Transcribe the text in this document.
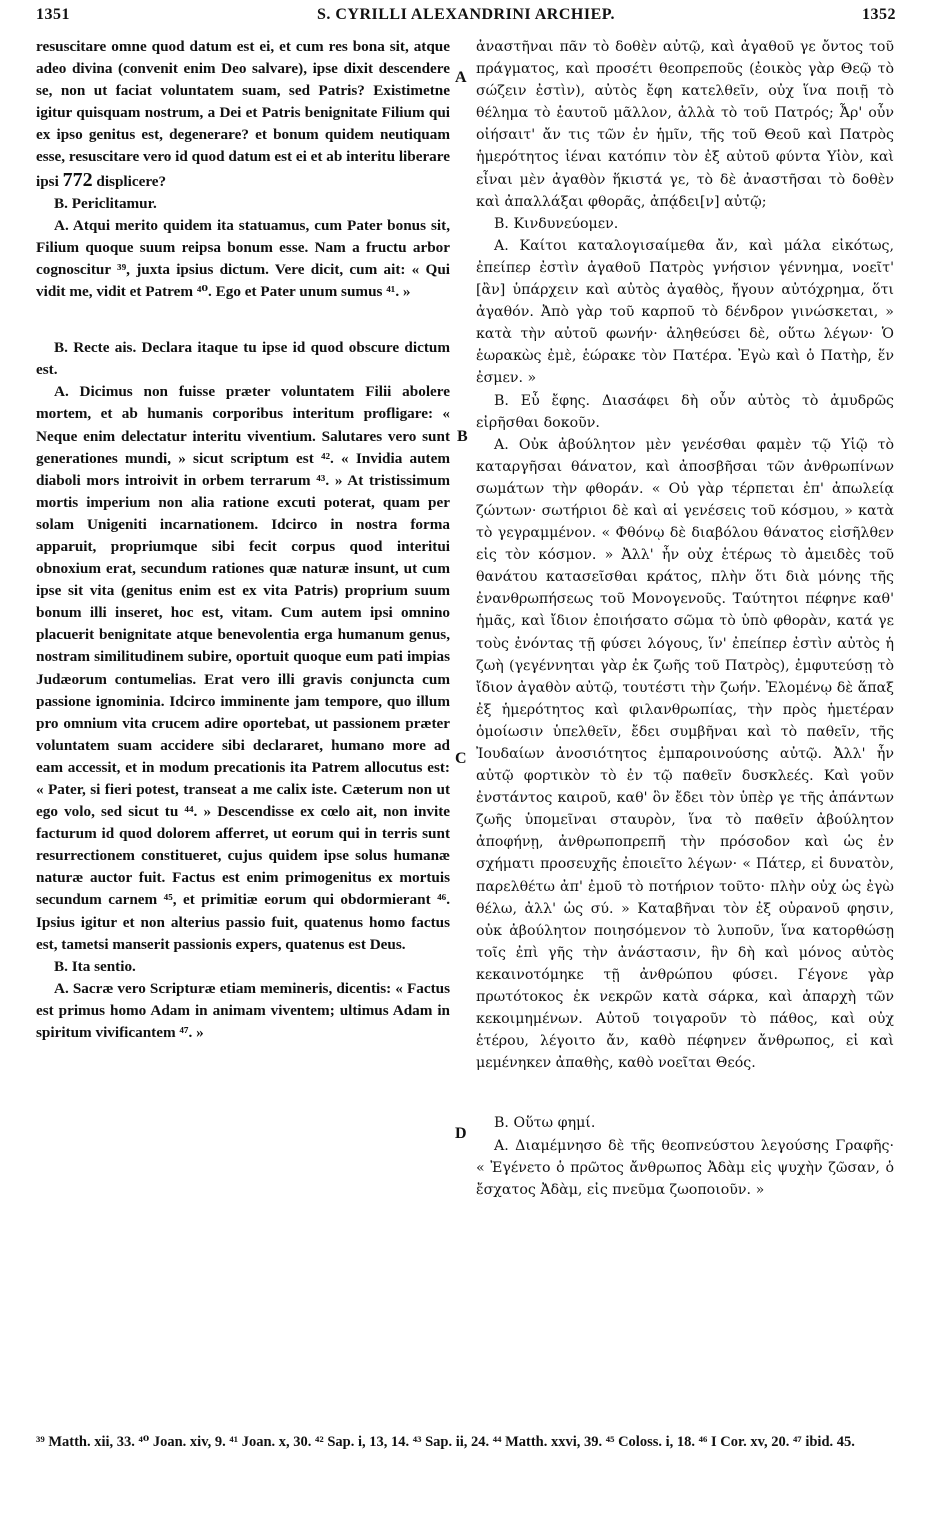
1351	S. CYRILLI ALEXANDRINI ARCHIEP.	1352

resuscitare omne quod datum est ei, et cum res bona sit, atque adeo divina (convenit enim Deo salvare), ipse dixit descendere se, non ut faciat voluntatem suam, sed Patris? Existimetne igitur quisquam nostrum, a Dei et Patris benignitate Filium qui ex ipso genitus est, degenerare? et bonum quidem neutiquam esse, resuscitare vero id quod datum est ei et ab interitu liberare ipsi 772 displicere?

B. Periclitamur.

A. Atqui merito quidem ita statuamus, cum Pater bonus sit, Filium quoque suum reipsa bonum esse. Nam a fructu arbor cognoscitur ³⁹, juxta ipsius dictum. Vere dicit, cum ait: « Qui vidit me, vidit et Patrem ⁴⁰. Ego et Pater unum sumus ⁴¹. »

B. Recte ais. Declara itaque tu ipse id quod obscure dictum est.

A. Dicimus non fuisse præter voluntatem Filii abolere mortem, et ab humanis corporibus interitum profligare: « Neque enim delectatur interitu viventium. Salutares vero sunt generationes mundi, » sicut scriptum est ⁴². « Invidia autem diaboli mors introivit in orbem terrarum ⁴³. » At tristissimum mortis imperium non alia ratione excuti poterat, quam per solam Unigeniti incarnationem. Idcirco in nostra forma apparuit, propriumque sibi fecit corpus quod interitui obnoxium erat, secundum rationes quæ naturæ insunt, ut cum ipse sit vita (genitus enim est ex vita Patris) proprium suum bonum illi inseret, hoc est, vitam. Cum autem ipsi omnino placuerit benignitate atque benevolentia erga humanum genus, nostram similitudinem subire, oportuit quoque eum pati impias Judæorum contumelias. Erat vero illi gravis conjuncta cum passione ignominia. Idcirco imminente jam tempore, quo illum pro omnium vita crucem adire oportebat, ut passionem præter voluntatem suam accidere sibi declararet, humano more ad eam accessit, et in modum precationis ita Patrem allocutus est: « Pater, si fieri potest, transeat a me calix iste. Cæterum non ut ego volo, sed sicut tu ⁴⁴. » Descendisse ex cœlo ait, non invite facturum id quod dolorem afferret, ut eorum qui in terris sunt resurrectionem constitueret, cujus quidem ipse solus humanæ naturæ auctor fuit. Factus est enim primogenitus ex mortuis secundum carnem ⁴⁵, et primitiæ eorum qui obdormierant ⁴⁶. Ipsius igitur et non alterius passio fuit, quatenus homo factus est, tametsi manserit passionis expers, quatenus est Deus.

B. Ita sentio.

A. Sacræ vero Scripturæ etiam memineris, dicentis: « Factus est primus homo Adam in animam viventem; ultimus Adam in spiritum vivificantem ⁴⁷. »

A
B
C
D

ἀναστῆναι πᾶν τὸ δοθὲν αὐτῷ, καὶ ἀγαθοῦ γε ὄντος τοῦ πράγματος, καὶ προσέτι θεοπρεποῦς (ἐοικὸς γὰρ Θεῷ τὸ σώζειν ἐστὶν), αὐτὸς ἔφη κατελθεῖν, οὐχ ἵνα ποιῇ τὸ θέλημα τὸ ἑαυτοῦ μᾶλλον, ἀλλὰ τὸ τοῦ Πατρός; Ἆρ' οὖν οἰήσαιτ' ἄν τις τῶν ἐν ἡμῖν, τῆς τοῦ Θεοῦ καὶ Πατρὸς ἡμερότητος ἰέναι κατόπιν τὸν ἐξ αὐτοῦ φύντα Υἱὸν, καὶ εἶναι μὲν ἀγαθὸν ἥκιστά γε, τὸ δὲ ἀναστῆσαι τὸ δοθὲν καὶ ἀπαλλάξαι φθορᾶς, ἀπᾴδει[ν] αὐτῷ;

B. Κινδυνεύομεν.

A. Καίτοι καταλογισαίμεθα ἄν, καὶ μάλα εἰκότως, ἐπείπερ ἐστὶν ἀγαθοῦ Πατρὸς γνήσιον γέννημα, νοεῖτ' [ἂν] ὑπάρχειν καὶ αὐτὸς ἀγαθὸς, ἤγουν αὐτόχρημα, ὅτι ἀγαθόν. Ἀπὸ γὰρ τοῦ καρποῦ τὸ δένδρον γινώσκεται, » κατὰ τὴν αὐτοῦ φωνήν· ἀληθεύσει δὲ, οὕτω λέγων· Ὁ ἑωρακὼς ἐμὲ, ἑώρακε τὸν Πατέρα. Ἐγὼ καὶ ὁ Πατὴρ, ἕν ἐσμεν. »

B. Εὖ ἔφης. Διασάφει δὴ οὖν αὐτὸς τὸ ἀμυδρῶς εἰρῆσθαι δοκοῦν.

A. Οὐκ ἀβούλητον μὲν γενέσθαι φαμὲν τῷ Υἱῷ τὸ καταργῆσαι θάνατον, καὶ ἀποσβῆσαι τῶν ἀνθρωπίνων σωμάτων τὴν φθοράν. « Οὐ γὰρ τέρπεται ἐπ' ἀπωλείᾳ ζώντων· σωτήριοι δὲ καὶ αἱ γενέσεις τοῦ κόσμου, » κατὰ τὸ γεγραμμένον. « Φθόνῳ δὲ διαβόλου θάνατος εἰσῆλθεν εἰς τὸν κόσμον. » Ἀλλ' ἦν οὐχ ἑτέρως τὸ ἀμειδὲς τοῦ θανάτου κατασεῖσθαι κράτος, πλὴν ὅτι διὰ μόνης τῆς ἐνανθρωπήσεως τοῦ Μονογενοῦς. Ταύτητοι πέφηνε καθ' ἡμᾶς, καὶ ἴδιον ἐποιήσατο σῶμα τὸ ὑπὸ φθορὰν, κατά γε τοὺς ἐνόντας τῇ φύσει λόγους, ἵν' ἐπείπερ ἐστὶν αὐτὸς ἡ ζωὴ (γεγέννηται γὰρ ἐκ ζωῆς τοῦ Πατρὸς), ἐμφυτεύσῃ τὸ ἴδιον ἀγαθὸν αὐτῷ, τουτέστι τὴν ζωήν. Ἐλομένῳ δὲ ἅπαξ ἐξ ἡμερότητος καὶ φιλανθρωπίας, τὴν πρὸς ἡμετέραν ὁμοίωσιν ὑπελθεῖν, ἔδει συμβῆναι καὶ τὸ παθεῖν, τῆς Ἰουδαίων ἀνοσιότητος ἐμπαροινούσης αὐτῷ. Ἀλλ' ἦν αὐτῷ φορτικὸν τὸ ἐν τῷ παθεῖν δυσκλεές. Καὶ γοῦν ἐνστάντος καιροῦ, καθ' ὃν ἔδει τὸν ὑπὲρ γε τῆς ἁπάντων ζωῆς ὑπομεῖναι σταυρὸν, ἵνα τὸ παθεῖν ἀβούλητον ἀποφήνῃ, ἀνθρωποπρεπῆ τὴν πρόσοδον καὶ ὡς ἐν σχήματι προσευχῆς ἐποιεῖτο λέγων· « Πάτερ, εἰ δυνατὸν, παρελθέτω ἀπ' ἐμοῦ τὸ ποτήριον τοῦτο· πλὴν οὐχ ὡς ἐγὼ θέλω, ἀλλ' ὡς σύ. » Καταβῆναι τὸν ἐξ οὐρανοῦ φησιν, οὐκ ἀβούλητον ποιησόμενον τὸ λυποῦν, ἵνα κατορθώσῃ τοῖς ἐπὶ γῆς τὴν ἀνάστασιν, ἣν δὴ καὶ μόνος αὐτὸς κεκαινοτόμηκε τῇ ἀνθρώπου φύσει. Γέγονε γὰρ πρωτότοκος ἐκ νεκρῶν κατὰ σάρκα, καὶ ἀπαρχὴ τῶν κεκοιμημένων. Αὐτοῦ τοιγαροῦν τὸ πάθος, καὶ οὐχ ἑτέρου, λέγοιτο ἄν, καθὸ πέφηνεν ἄνθρωπος, εἰ καὶ μεμένηκεν ἀπαθὴς, καθὸ νοεῖται Θεός.

B. Οὕτω φημί.

A. Διαμέμνησο δὲ τῆς θεοπνεύστου λεγούσης Γραφῆς· « Ἐγένετο ὁ πρῶτος ἄνθρωπος Ἀδὰμ εἰς ψυχὴν ζῶσαν, ὁ ἔσχατος Ἀδὰμ, εἰς πνεῦμα ζωοποιοῦν. »

³⁹ Matth. xii, 33. ⁴⁰ Joan. xiv, 9. ⁴¹ Joan. x, 30. ⁴² Sap. i, 13, 14. ⁴³ Sap. ii, 24. ⁴⁴ Matth. xxvi, 39. ⁴⁵ Coloss. i, 18. ⁴⁶ I Cor. xv, 20. ⁴⁷ ibid. 45.
